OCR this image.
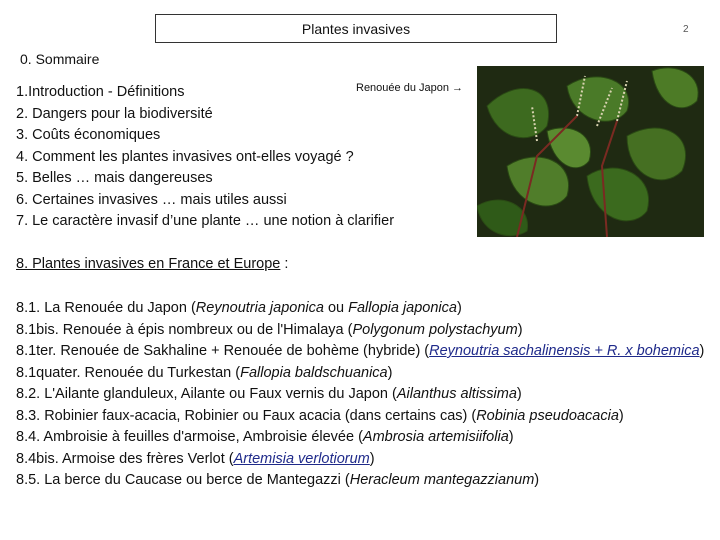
Plantes invasives	2
0. Sommaire
Renouée du Japon →
1.Introduction - Définitions
2. Dangers pour la biodiversité
3. Coûts économiques
4. Comment les plantes invasives ont-elles voyagé ?
5. Belles … mais dangereuses
6. Certaines invasives … mais utiles aussi
7. Le caractère invasif d’une plante … une notion à clarifier
8. Plantes invasives en France et Europe :
8.1. La Renouée du Japon (Reynoutria japonica ou Fallopia japonica)
8.1bis. Renouée à épis nombreux ou de l'Himalaya (Polygonum polystachyum)
8.1ter. Renouée de Sakhaline + Renouée de bohème (hybride) (Reynoutria sachalinensis + R. x bohemica)
8.1quater. Renouée du Turkestan (Fallopia baldschuanica)
8.2. L'Ailante glanduleux, Ailante ou Faux vernis du Japon (Ailanthus altissima)
8.3. Robinier faux-acacia, Robinier ou Faux acacia (dans certains cas) (Robinia pseudoacacia)
8.4. Ambroisie à feuilles d'armoise, Ambroisie élevée (Ambrosia artemisiifolia)
8.4bis. Armoise des frères Verlot (Artemisia verlotiorum)
8.5. La berce du Caucase ou berce de Mantegazzi (Heracleum mantegazzianum)
